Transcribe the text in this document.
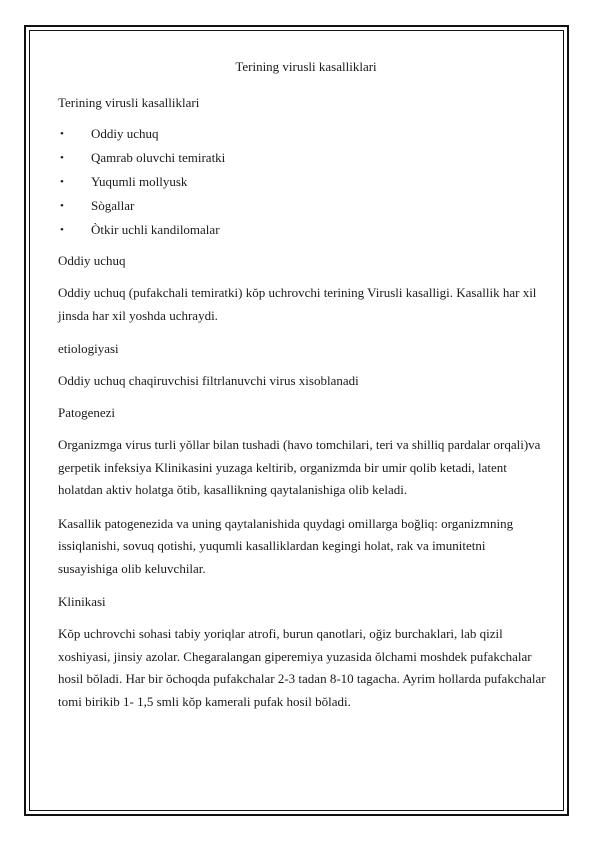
Terining virusli kasalliklari

Terining virusli kasalliklari

• Oddiy uchuq
• Qamrab oluvchi temiratki
• Yuqumli mollyusk
• Sògallar
• Òtkir uchli kandilomalar

Oddiy uchuq

Oddiy uchuq (pufakchali temiratki) kŏp uchrovchi terining Virusli kasalligi. Kasallik har xil jinsda har xil yoshda uchraydi.

etiologiyasi

Oddiy uchuq chaqiruvchisi filtrlanuvchi virus xisoblanadi

Patogenezi

Organizmga virus turli yŏllar bilan tushadi (havo tomchilari, teri va shilliq pardalar orqali)va gerpetik infeksiya Klinikasini yuzaga keltirib, organizmda bir umir qolib ketadi, latent holatdan aktiv holatga ŏtib, kasallikning qaytalanishiga olib keladi.

Kasallik patogenezida va uning qaytalanishida quydagi omillarga boğliq: organizmning issiqlanishi, sovuq qotishi, yuqumli kasalliklardan kegingi holat, rak va imunitetni susayishiga olib keluvchilar.

Klinikasi

Kŏp uchrovchi sohasi tabiy yoriqlar atrofi, burun qanotlari, oğiz burchaklari, lab qizil xoshiyasi, jinsiy azolar. Chegaralangan giperemiya yuzasida ŏlchami moshdek pufakchalar hosil bŏladi. Har bir ŏchoqda pufakchalar 2-3 tadan 8-10 tagacha. Ayrim hollarda pufakchalar tomi birikib 1- 1,5 smli kŏp kamerali pufak hosil bŏladi.
